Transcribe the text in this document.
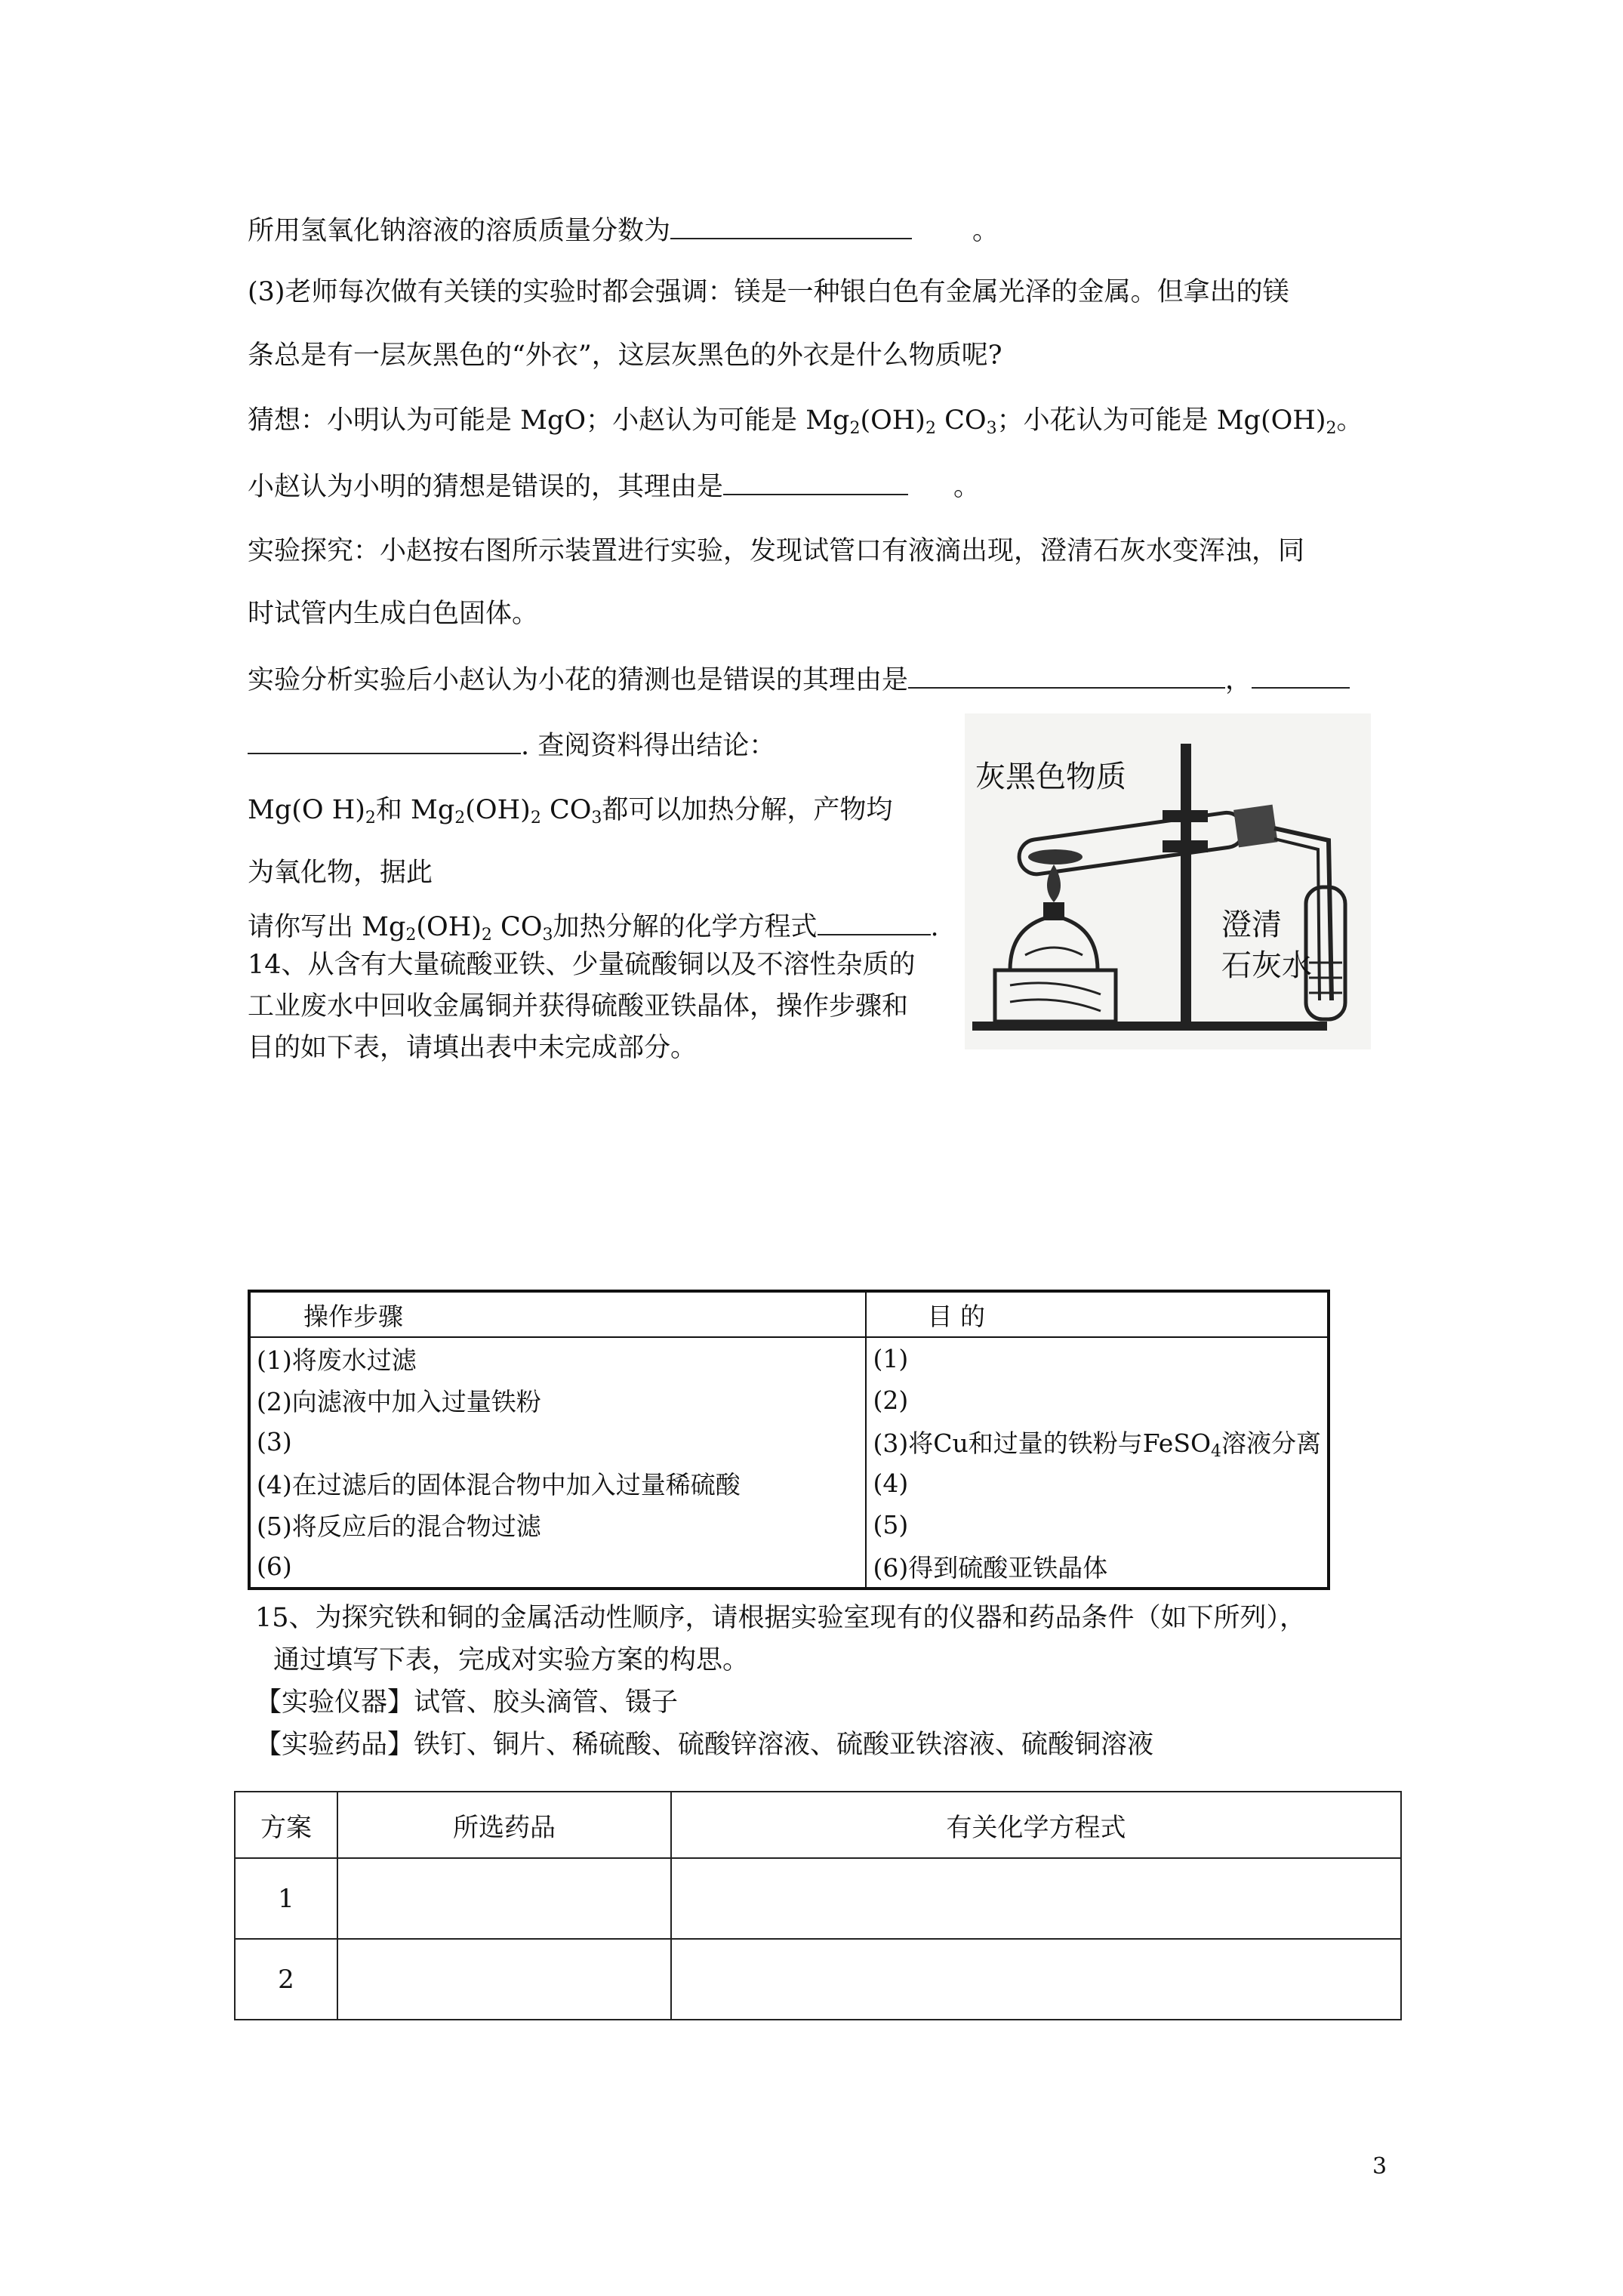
所用氢氧化钠溶液的溶质质量分数为	。
(3)老师每次做有关镁的实验时都会强调：镁是一种银白色有金属光泽的金属。但拿出的镁
条总是有一层灰黑色的“外衣”，这层灰黑色的外衣是什么物质呢?
猜想：小明认为可能是 MgO；小赵认为可能是 $Mg_2(OH)_2$ $CO_3$；小花认为可能是 $Mg(OH)_2$。
小赵认为小明的猜想是错误的，其理由是	。
实验探究：小赵按右图所示装置进行实验，发现试管口有液滴出现，澄清石灰水变浑浊，同
时试管内生成白色固体。
实验分析实验后小赵认为小花的猜测也是错误的其理由是	，
. 查阅资料得出结论：
Mg(O $H)_2$和 $Mg_2(OH)_2$ $CO_3$都可以加热分解，产物均
为氧化物，据此
请你写出 $Mg_2(OH)_2$ $CO_3$加热分解的化学方程式	.
14、从含有大量硫酸亚铁、少量硫酸铜以及不溶性杂质的
工业废水中回收金属铜并获得硫酸亚铁晶体，操作步骤和
目的如下表，请填出表中未完成部分。
灰黑色物质
澄清
石灰水
操作步骤	目 的
(1)将废水过滤	(1)
(2)向滤液中加入过量铁粉	(2)
(3)	(3)将Cu和过量的铁粉与FeSO$_4$溶液分离
(4)在过滤后的固体混合物中加入过量稀硫酸	(4)
(5)将反应后的混合物过滤	(5)
(6)	(6)得到硫酸亚铁晶体
15、为探究铁和铜的金属活动性顺序，请根据实验室现有的仪器和药品条件（如下所列），
通过填写下表，完成对实验方案的构思。
【实验仪器】试管、胶头滴管、镊子
【实验药品】铁钉、铜片、稀硫酸、硫酸锌溶液、硫酸亚铁溶液、硫酸铜溶液
方案	所选药品	有关化学方程式
1		
2		
3
